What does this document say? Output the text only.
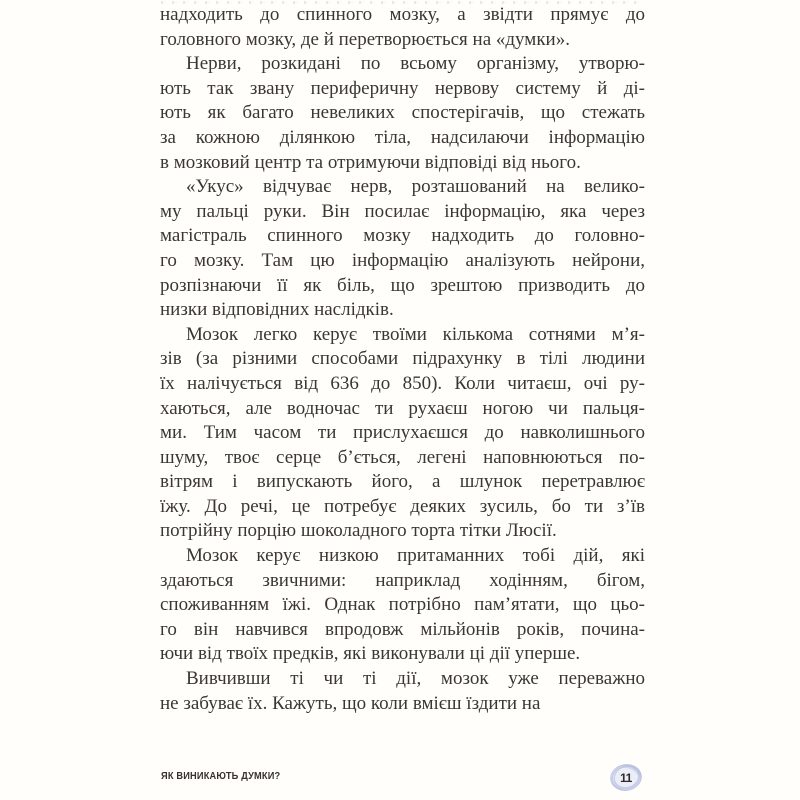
надходить до спинного мозку, а звідти прямує до
головного мозку, де й перетворюється на «думки».
Нерви, розкидані по всьому організму, утворю-
ють так звану периферичну нервову систему й ді-
ють як багато невеликих спостерігачів, що стежать
за кожною ділянкою тіла, надсилаючи інформацію
в мозковий центр та отримуючи відповіді від нього.
«Укус» відчуває нерв, розташований на велико-
му пальці руки. Він посилає інформацію, яка через
магістраль спинного мозку надходить до головно-
го мозку. Там цю інформацію аналізують нейрони,
розпізнаючи її як біль, що зрештою призводить до
низки відповідних наслідків.
Мозок легко керує твоїми кількома сотнями м’я-
зів (за різними способами підрахунку в тілі людини
їх налічується від 636 до 850). Коли читаєш, очі ру-
хаються, але водночас ти рухаєш ногою чи пальця-
ми. Тим часом ти прислухаєшся до навколишнього
шуму, твоє серце б’ється, легені наповнюються по-
вітрям і випускають його, а шлунок перетравлює
їжу. До речі, це потребує деяких зусиль, бо ти з’їв
потрійну порцію шоколадного торта тітки Люсії.
Мозок керує низкою притаманних тобі дій, які
здаються звичними: наприклад ходінням, бігом,
споживанням їжі. Однак потрібно пам’ятати, що цьо-
го він навчився впродовж мільйонів років, почина-
ючи від твоїх предків, які виконували ці дії уперше.
Вивчивши ті чи ті дії, мозок уже переважно
не забуває їх. Кажуть, що коли вмієш їздити на
ЯК ВИНИКАЮТЬ ДУМКИ?	11
